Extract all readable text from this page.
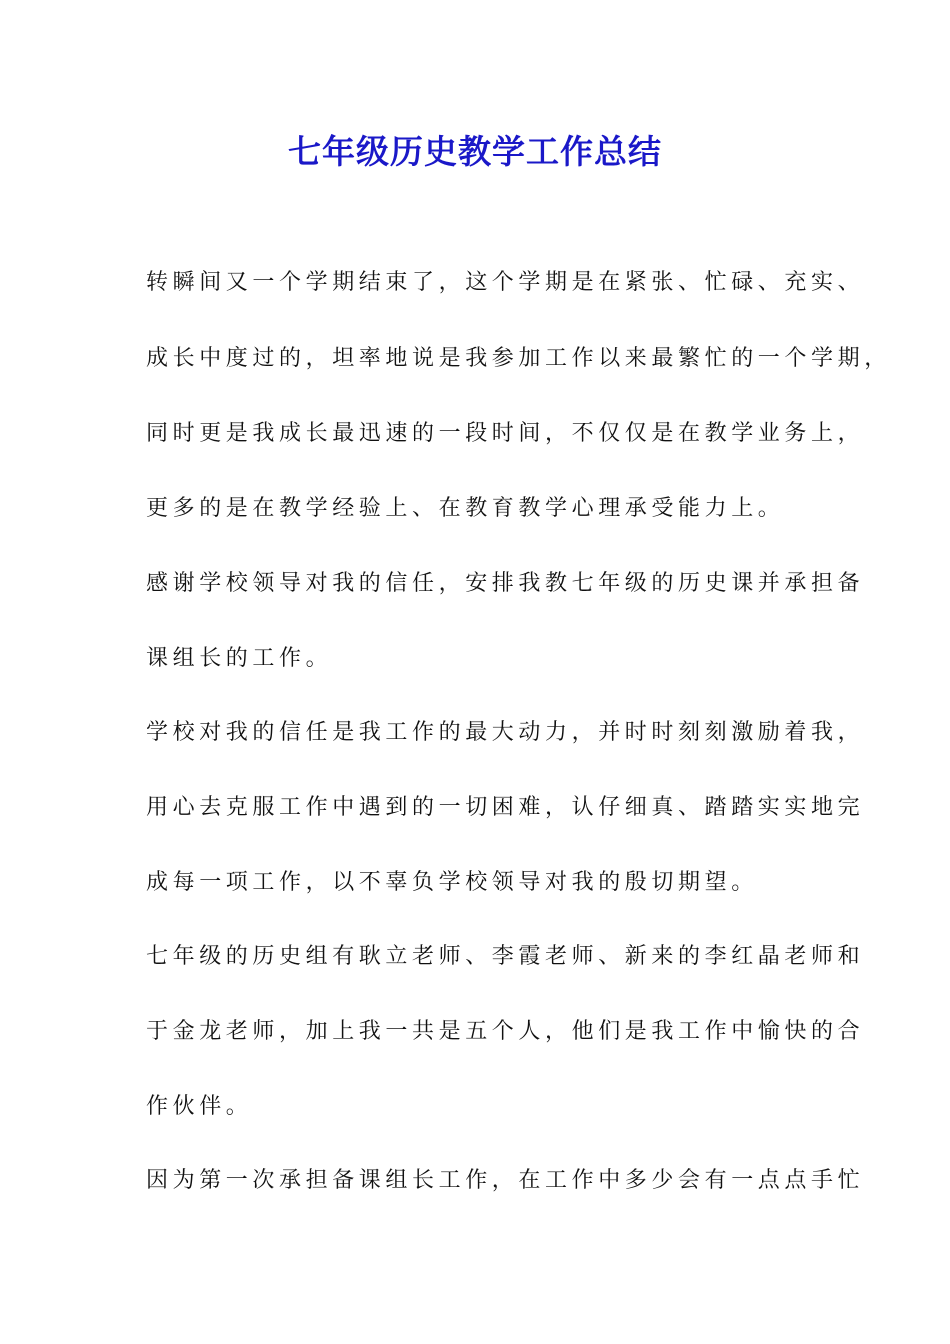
七年级历史教学工作总结
转瞬间又一个学期结束了，这个学期是在紧张、忙碌、充实、
成长中度过的，坦率地说是我参加工作以来最繁忙的一个学期，
同时更是我成长最迅速的一段时间，不仅仅是在教学业务上，
更多的是在教学经验上、在教育教学心理承受能力上。
感谢学校领导对我的信任，安排我教七年级的历史课并承担备
课组长的工作。
学校对我的信任是我工作的最大动力，并时时刻刻激励着我，
用心去克服工作中遇到的一切困难，认仔细真、踏踏实实地完
成每一项工作，以不辜负学校领导对我的殷切期望。
七年级的历史组有耿立老师、李霞老师、新来的李红晶老师和
于金龙老师，加上我一共是五个人，他们是我工作中愉快的合
作伙伴。
因为第一次承担备课组长工作，在工作中多少会有一点点手忙
